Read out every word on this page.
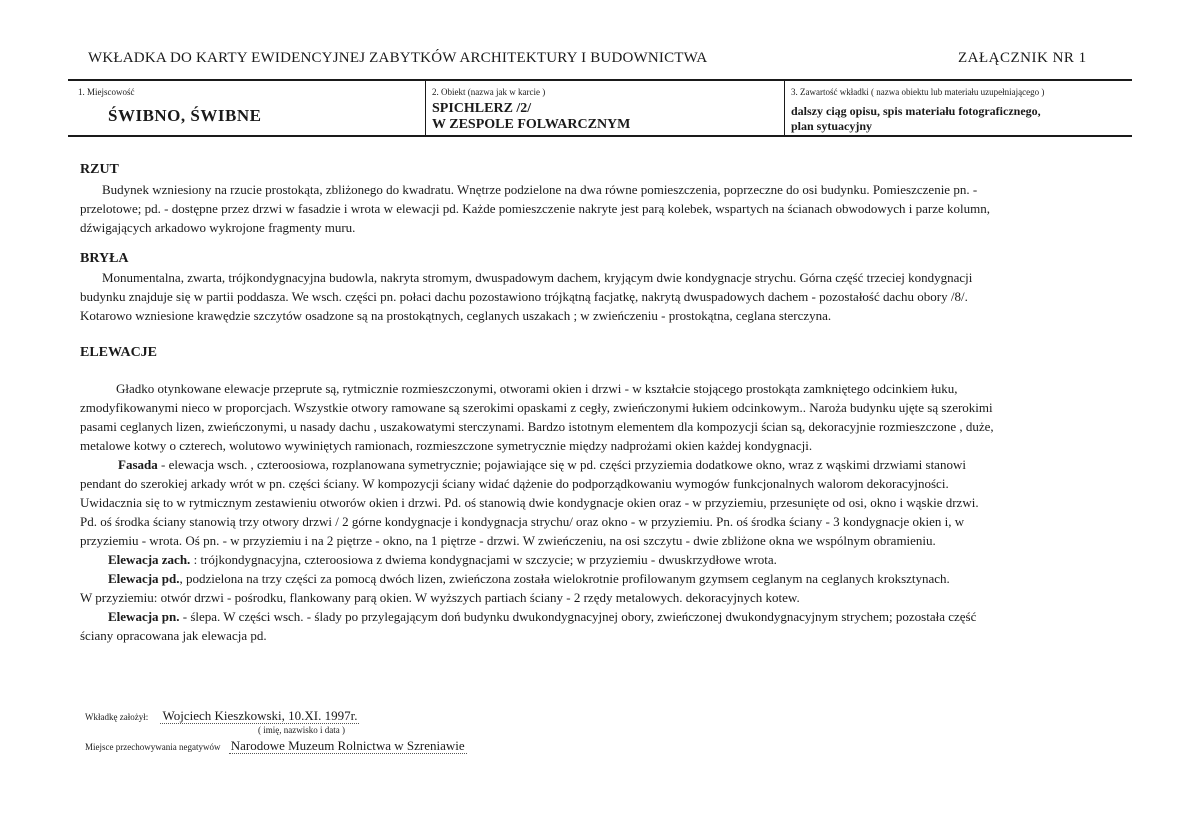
WKŁADKA DO KARTY EWIDENCYJNEJ ZABYTKÓW ARCHITEKTURY I BUDOWNICTWA	ZAŁĄCZNIK NR 1
1. Miejscowość
ŚWIBNO, ŚWIBNE
2. Obiekt (nazwa jak w karcie )
SPICHLERZ /2/
W ZESPOLE FOLWARCZNYM
3. Zawartość wkładki ( nazwa obiektu lub materiału uzupełniającego )
dalszy ciąg opisu, spis materiału fotograficznego,
plan sytuacyjny
RZUT
Budynek wzniesiony na rzucie prostokąta, zbliżonego do kwadratu. Wnętrze podzielone na dwa równe pomieszczenia, poprzeczne do osi budynku. Pomieszczenie pn. -
przelotowe; pd. - dostępne przez drzwi w fasadzie i wrota w elewacji pd. Każde pomieszczenie nakryte jest parą kolebek, wspartych na ścianach obwodowych i parze kolumn,
dźwigających arkadowo wykrojone fragmenty muru.
BRYŁA
Monumentalna, zwarta, trójkondygnacyjna budowla, nakryta stromym, dwuspadowym dachem, kryjącym dwie kondygnacje strychu. Górna część trzeciej kondygnacji
budynku znajduje się w partii poddasza. We wsch. części pn. połaci dachu pozostawiono trójkątną facjatkę, nakrytą dwuspadowych dachem - pozostałość dachu obory /8/.
Kotarowo wzniesione krawędzie szczytów osadzone są na prostokątnych, ceglanych uszakach ; w zwieńczeniu - prostokątna, ceglana sterczyna.
ELEWACJE
Gładko otynkowane elewacje przeprute są, rytmicznie rozmieszczonymi, otworami okien i drzwi - w kształcie stojącego prostokąta zamkniętego odcinkiem łuku,
zmodyfikowanymi nieco w proporcjach. Wszystkie otwory ramowane są szerokimi opaskami z cegły, zwieńczonymi łukiem odcinkowym.. Naroża budynku ujęte są szerokimi
pasami ceglanych lizen, zwieńczonymi, u nasady dachu , uszakowatymi sterczynami. Bardzo istotnym elementem dla kompozycji ścian są, dekoracyjnie rozmieszczone , duże,
metalowe kotwy o czterech, wolutowo wywiniętych ramionach, rozmieszczone symetrycznie między nadprożami okien każdej kondygnacji.
Fasada - elewacja wsch. , czteroosiowa, rozplanowana symetrycznie; pojawiające się w pd. części przyziemia dodatkowe okno, wraz z wąskimi drzwiami stanowi
pendant do szerokiej arkady wrót w pn. części ściany. W kompozycji ściany widać dążenie do podporządkowaniu wymogów funkcjonalnych walorom dekoracyjności.
Uwidacznia się to w rytmicznym zestawieniu otworów okien i drzwi. Pd. oś stanowią dwie kondygnacje okien oraz - w przyziemiu, przesunięte od osi, okno i wąskie drzwi.
Pd. oś środka ściany stanowią trzy otwory drzwi / 2 górne kondygnacje i kondygnacja strychu/ oraz okno - w przyziemiu. Pn. oś środka ściany - 3 kondygnacje okien i, w
przyziemiu - wrota. Oś pn. - w przyziemiu i na 2 piętrze - okno, na 1 piętrze - drzwi. W zwieńczeniu, na osi szczytu - dwie zbliżone okna we wspólnym obramieniu.
Elewacja zach. : trójkondygnacyjna, czteroosiowa z dwiema kondygnacjami w szczycie; w przyziemiu - dwuskrzydłowe wrota.
Elewacja pd., podzielona na trzy części za pomocą dwóch lizen, zwieńczona została wielokrotnie profilowanym gzymsem ceglanym na ceglanych krokszt​ynach.
W przyziemiu: otwór drzwi - pośrodku, flankowany parą okien. W wyższych partiach ściany - 2 rzędy metalowych. dekoracyjnych kotew.
Elewacja pn. - ślepa. W części wsch. - ślady po przylegającym doń budynku dwukondygnacyjnej obory, zwieńczonej dwukondygnacyjnym strychem; pozostała część
ściany opracowana jak elewacja pd.
Wkładkę założył: Wojciech Kieszkowski, 10.XI. 1997r.
( imię, nazwisko i data )
Miejsce przechowywania negatywów Narodowe Muzeum Rolnictwa w Szreniawie
